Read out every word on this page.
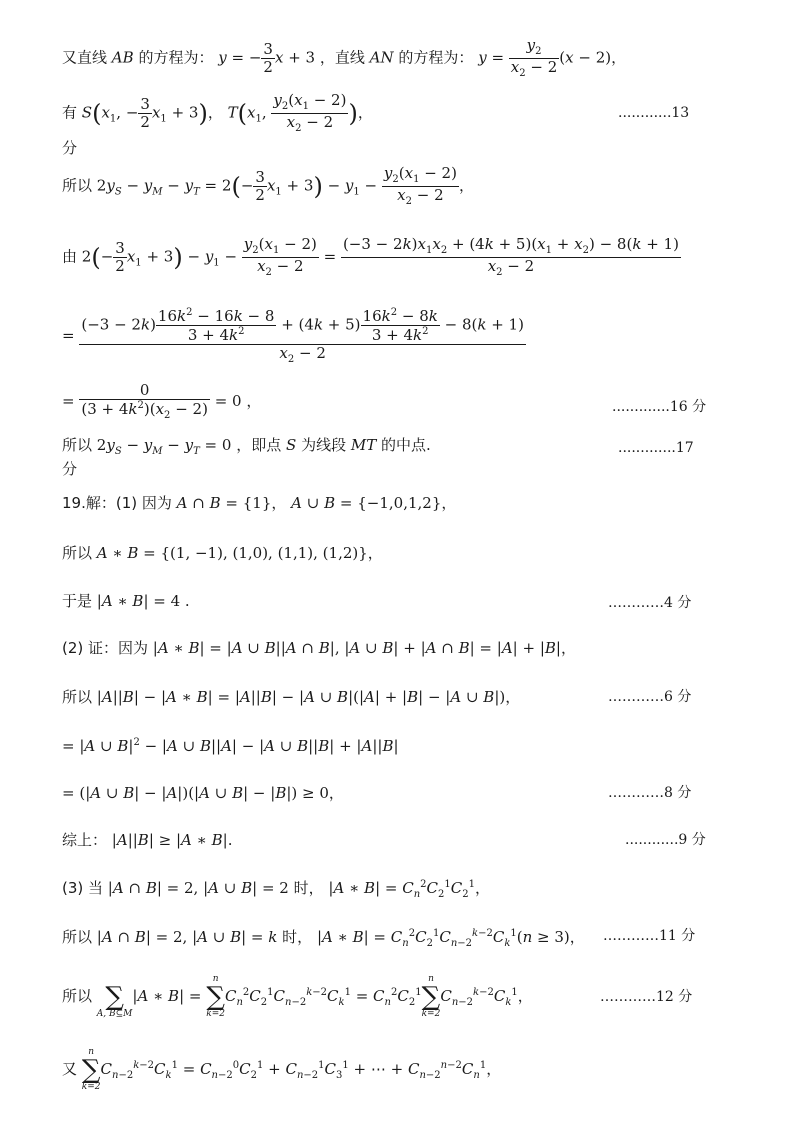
又直线 AB 的方程为： y = − $\frac{3}{2}$ x + 3 ，直线 AN 的方程为： $y = \frac{y_2}{x_2 - 2} (x - 2)$，
有 $S(x_1$, − $\frac{3}{2} x_1 + 3$)， $T(x_1$, $\frac{y_2(x_1 - 2)}{x_2 - 2}$ )，	............13
分
所以 $2y_S - y_M - y_T = 2(- \frac{3}{2} x_1 + 3) - y_1 - \frac{y_2(x_1 - 2)}{x_2 - 2}$ ，
由 $2(- \frac{3}{2} x_1 + 3) - y_1 - \frac{y_2(x_1 - 2)}{x_2 - 2} = \frac{(-3 - 2k)x_1x_2 + (4k + 5)(x_1 + x_2) - 8(k + 1)}{x_2 - 2}$
=
$(-3 - 2k) \frac{16k^2 - 16k - 8}{3 + 4k^2} + (4k + 5) \frac{16k^2 - 8k}{3 + 4k^2} - 8(k + 1)$
$x_2 - 2$
= $\frac{0}{(3 + 4k^2)(x_2 - 2)} = 0$ ，	.............16 分
所以 $2y_S - y_M - y_T = 0$ ，即点 S 为线段 MT 的中点.	.............17
分
19.解：(1) 因为 A ∩ B = {1}， A ∪ B = {−1,0,1,2}，
所以 A ∗ B = {(1, −1), (1,0), (1,1), (1,2)}，
于是 |A ∗ B| = 4 .	…………4 分
(2) 证：因为 |A ∗ B| = |A ∪ B||A ∩ B|, |A ∪ B| + |A ∩ B| = |A| + |B|，
所以 |A||B| − |A ∗ B| = |A||B| − |A ∪ B|(|A| + |B| − |A ∪ B|)，	…………6 分
= |A ∪ $B|^2 - |A$ ∪ B||A| − |A ∪ B||B| + |A||B|
= (|A ∪ B| − |A|)(|A ∪ B| − |B|) ≥ 0，	…………8 分
综上： |A||B| ≥ |A ∗ B|.	............9 分
(3) 当 |A ∩ B| = 2, |A ∪ B| = 2 时， |A ∗ $B| = C_n^2C_2^1C_2^1$，
所以 |A ∩ B| = 2, |A ∪ B| = k 时， |A ∗ $B| = C_n^2C_2^1C_{n-2}^{k-2}C_k^1(n \ge 3)$， …………11 分
所以
∑
A, B⊆M
|A ∗ B| =
n
∑
k=2
$C_n^2C_2^1C_{n-2}^{k-2}C_k^1 = C_n^2C_2^1$
n
∑
k=2
$C_{n-2}^{k-2}C_k^1$，	…………12 分
又
n
∑
k=2
$C_{n-2}^{k-2}C_k^1 = C_{n-2}^0C_2^1 + C_{n-2}^1C_3^1$ + ⋯ + $C_{n-2}^{n-2}C_n^1$，
